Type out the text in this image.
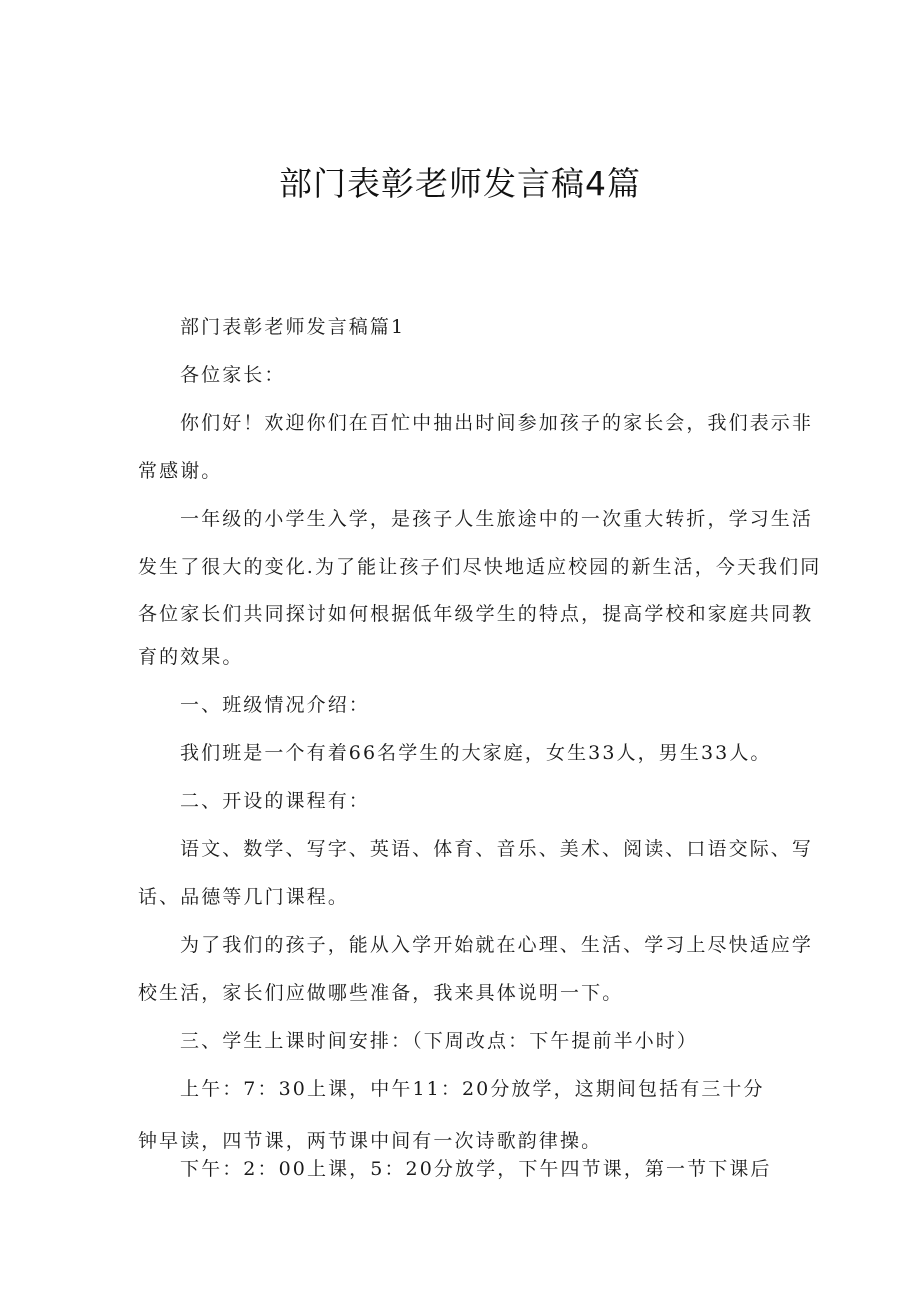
部门表彰老师发言稿4篇
部门表彰老师发言稿篇1
各位家长：
你们好！欢迎你们在百忙中抽出时间参加孩子的家长会，我们表示非
常感谢。
一年级的小学生入学，是孩子人生旅途中的一次重大转折，学习生活
发生了很大的变化.为了能让孩子们尽快地适应校园的新生活，今天我们同
各位家长们共同探讨如何根据低年级学生的特点，提高学校和家庭共同教
育的效果。
一、班级情况介绍：
我们班是一个有着66名学生的大家庭，女生33人，男生33人。
二、开设的课程有：
语文、数学、写字、英语、体育、音乐、美术、阅读、口语交际、写
话、品德等几门课程。
为了我们的孩子，能从入学开始就在心理、生活、学习上尽快适应学
校生活，家长们应做哪些准备，我来具体说明一下。
三、学生上课时间安排：（下周改点：下午提前半小时）
上午：7：30上课，中午11：20分放学，这期间包括有三十分
钟早读，四节课，两节课中间有一次诗歌韵律操。
下午：2：00上课，5：20分放学，下午四节课，第一节下课后
